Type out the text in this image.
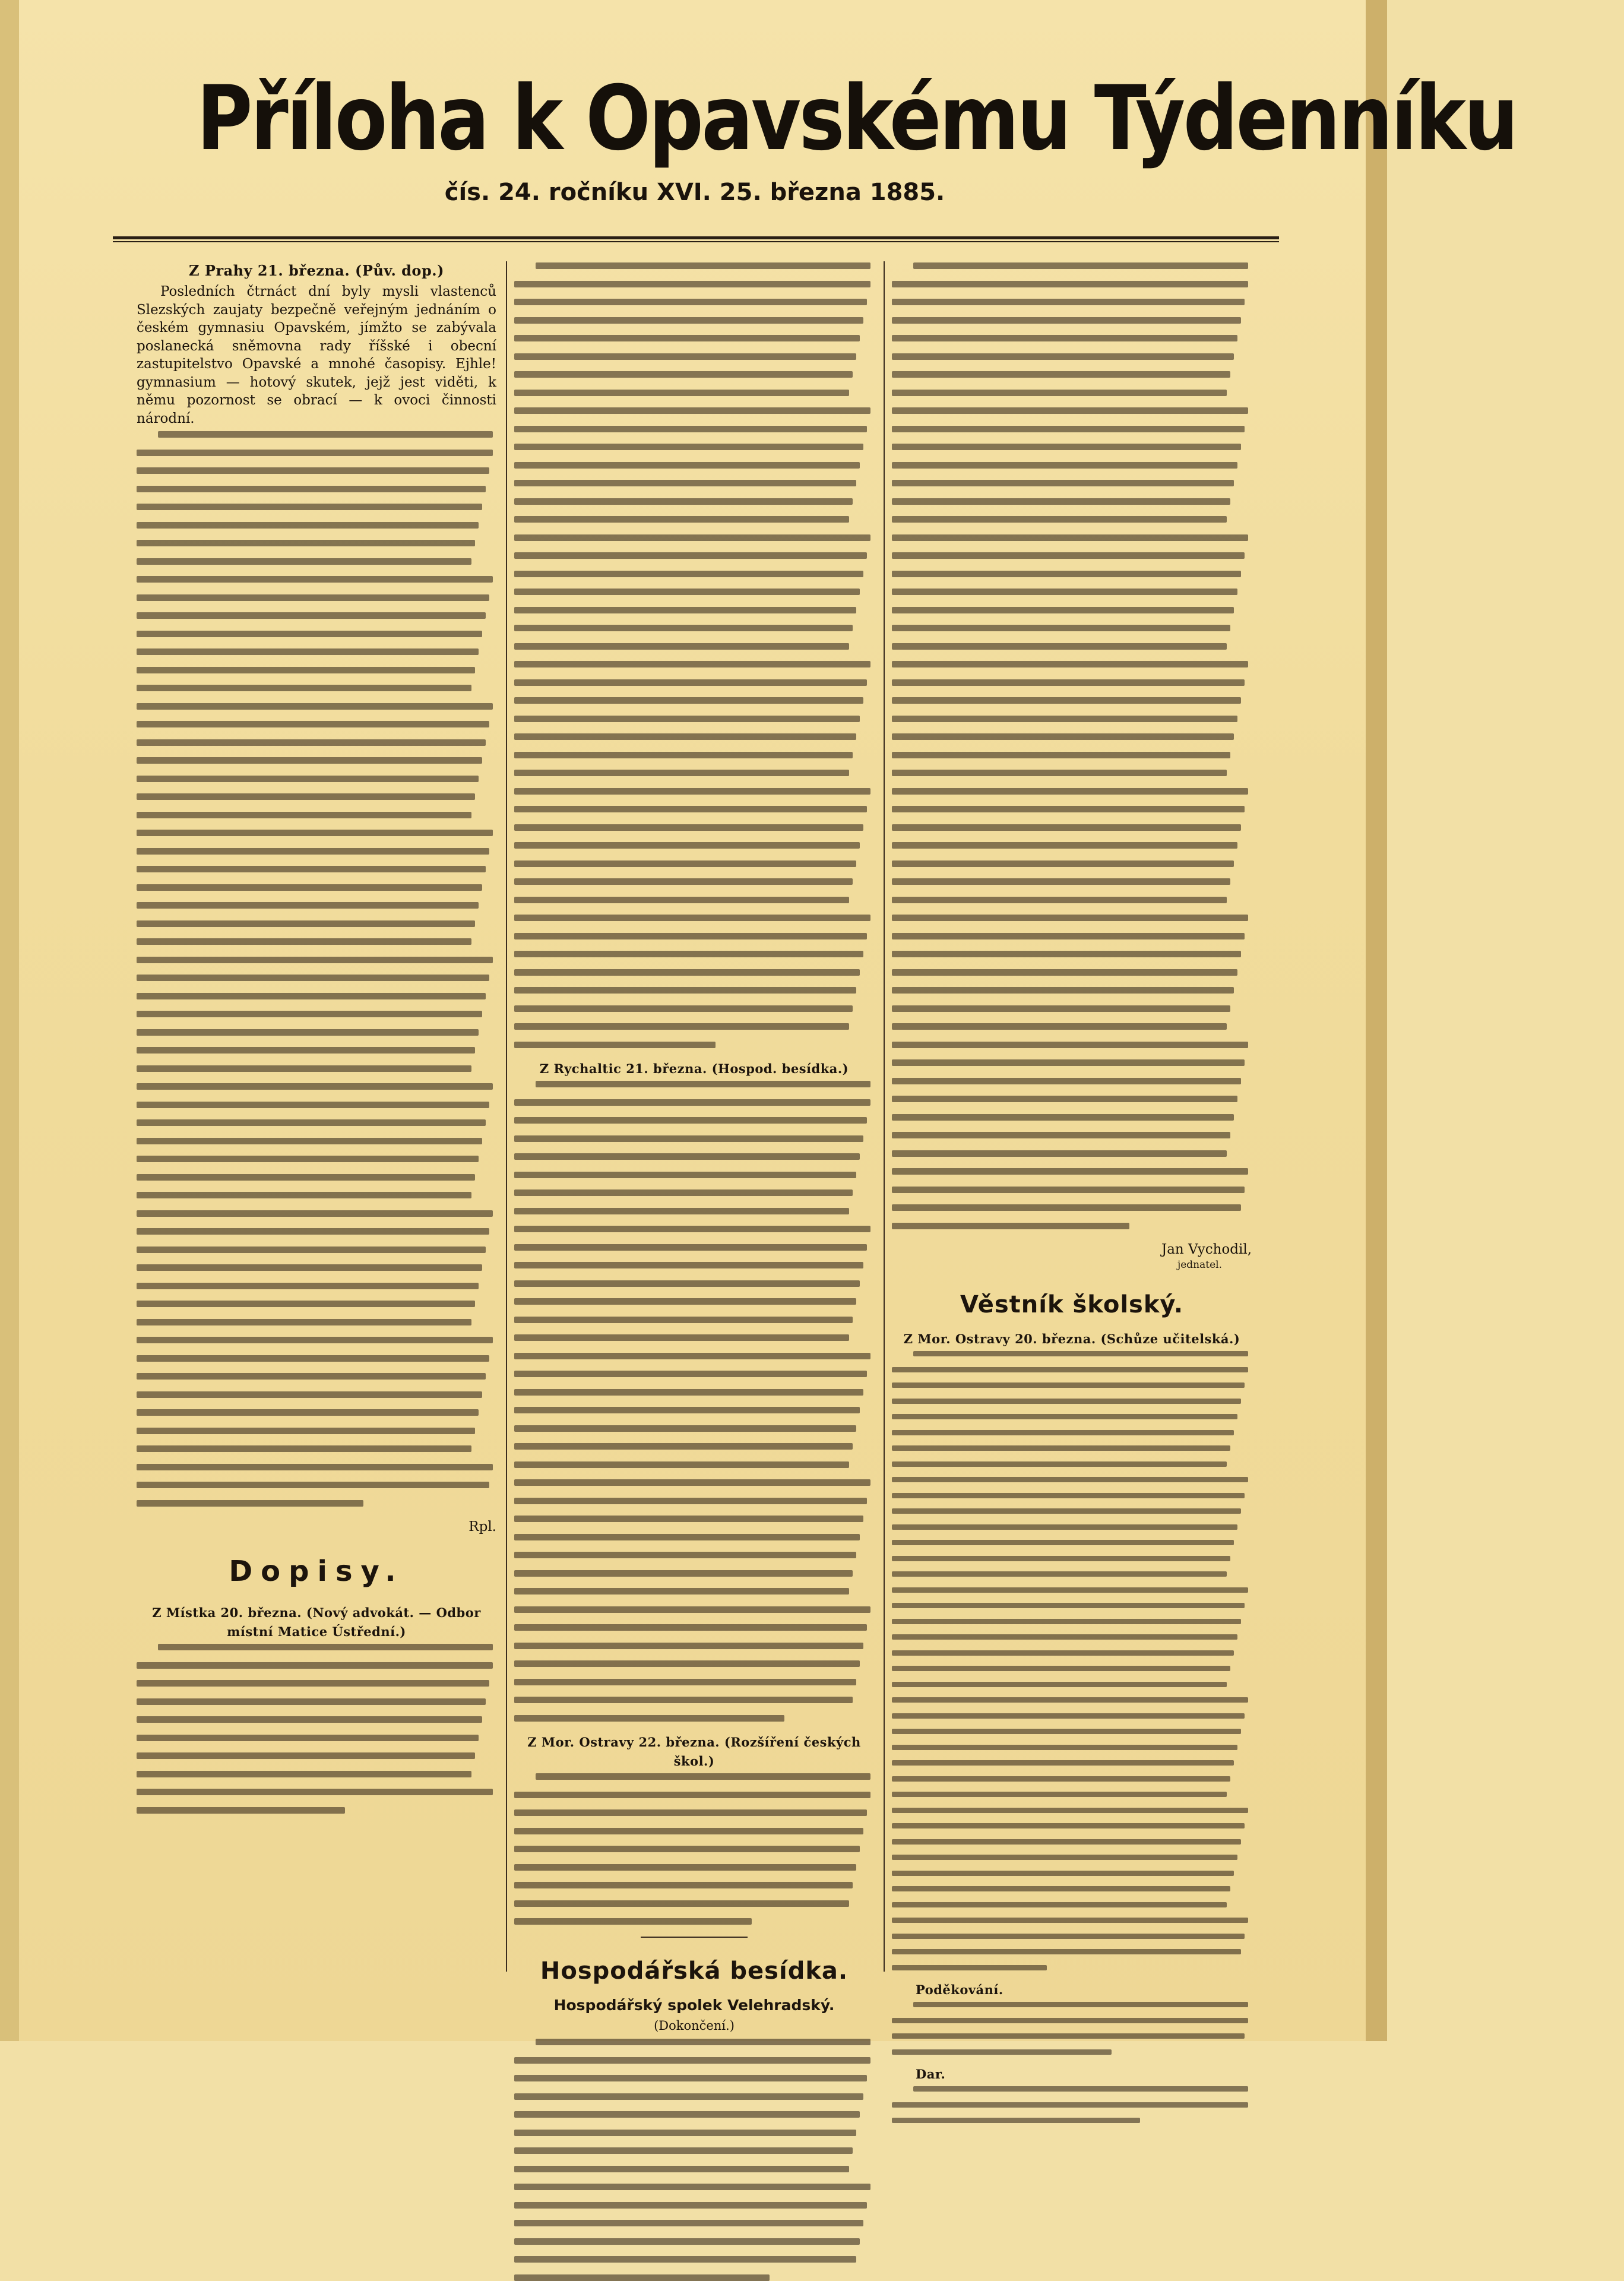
Příloha k Opavskému Týdenníku
čís. 24. ročníku XVI. 25. března 1885.

Z Prahy 21. března. (Pův. dop.)

Posledních čtrnáct dní byly mysli vlastenců Slezských zaujaty bezpečně veřejným jednáním o českém gymnasiu Opavském, jímžto se zabývala poslanecká sněmovna rady říšské i obecní zastupitelstvo Opavské a mnohé časopisy. Ejhle! gymnasium — hotový skutek, jejž jest viděti, k němu pozornost se obrací — k ovoci činnosti národní.

Rpl.

Dopisy.

Z Místka 20. března. (Nový advokát. — Odbor místní Matice Ústřední.)

Z Rychaltic 21. března. (Hospod. besídka.)

Z Mor. Ostravy 22. března. (Rozšíření českých škol.)

Hospodářská besídka.

Hospodářský spolek Velehradský.

(Dokončení.)

Jan Vychodil,

jednatel.

Věstník školský.

Z Mor. Ostravy 20. března. (Schůze učitelská.)

Poděkování.

Dar.
